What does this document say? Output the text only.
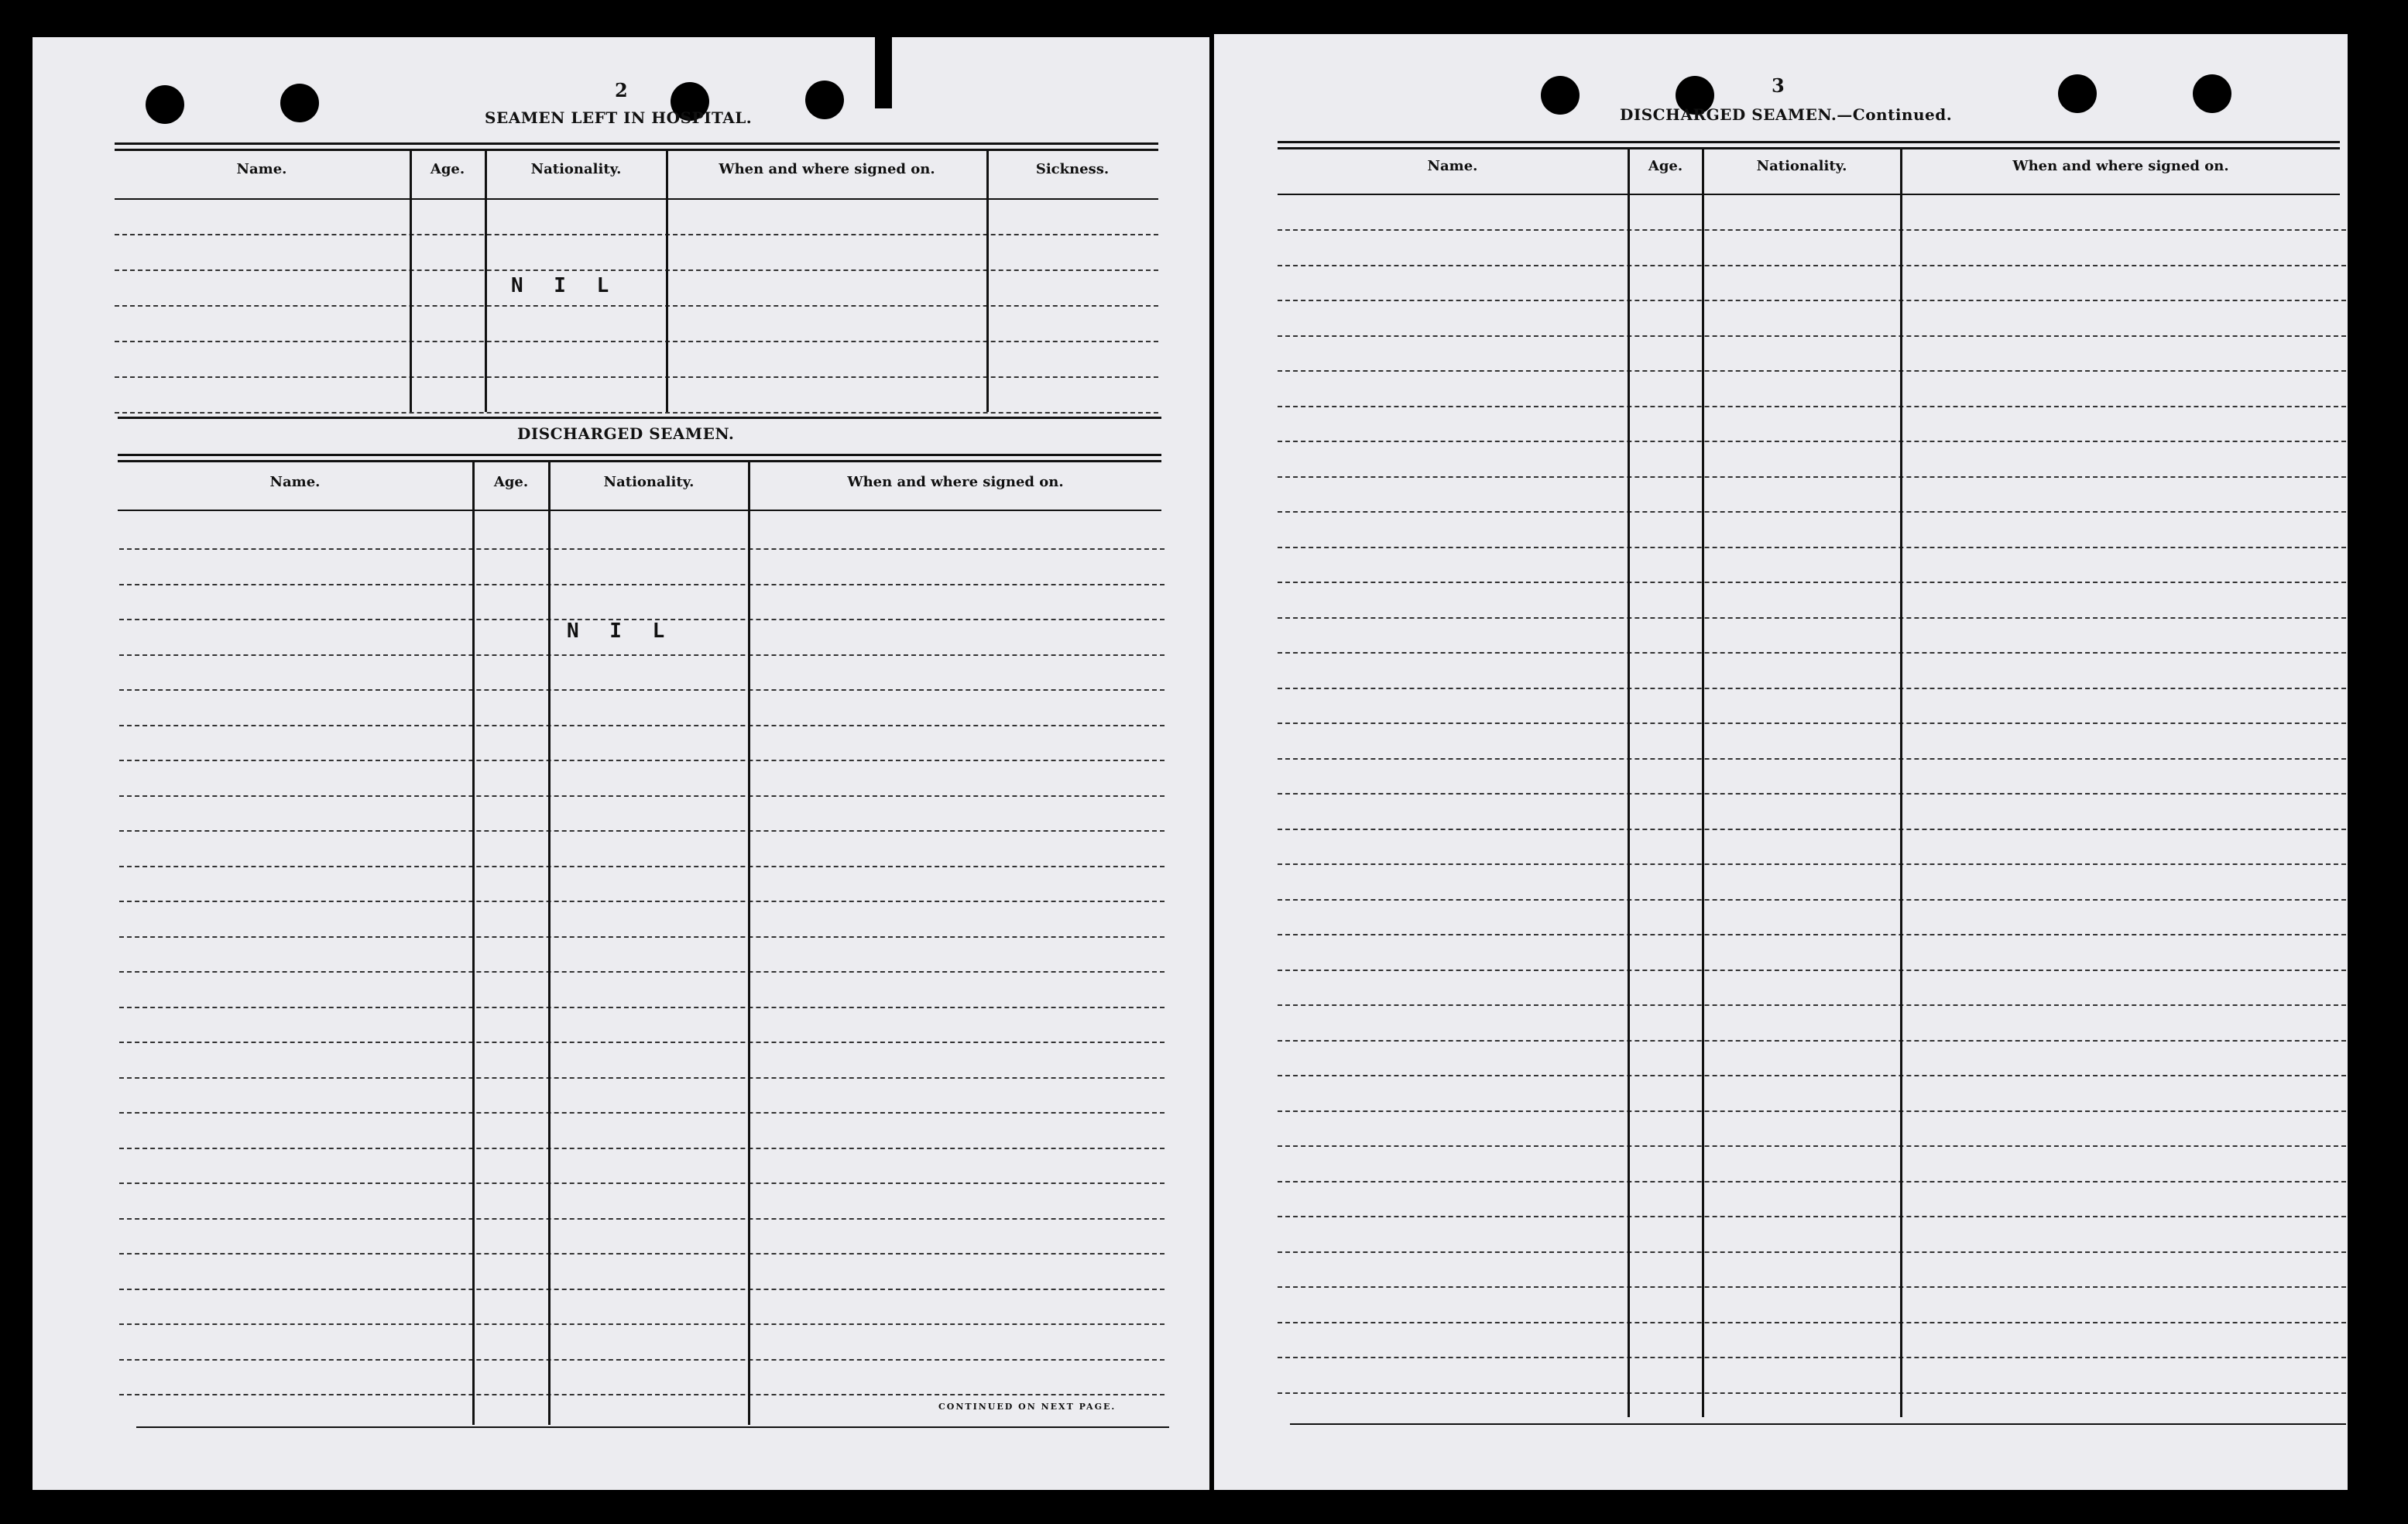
2
SEAMEN LEFT IN HOSPITAL.
Name.	Age.	Nationality.	When and where signed on.	Sickness.
N I L
DISCHARGED SEAMEN.
Name.	Age.	Nationality.	When and where signed on.
N I L
CONTINUED ON NEXT PAGE.
3
DISCHARGED SEAMEN.—Continued.
Name.	Age.	Nationality.	When and where signed on.
